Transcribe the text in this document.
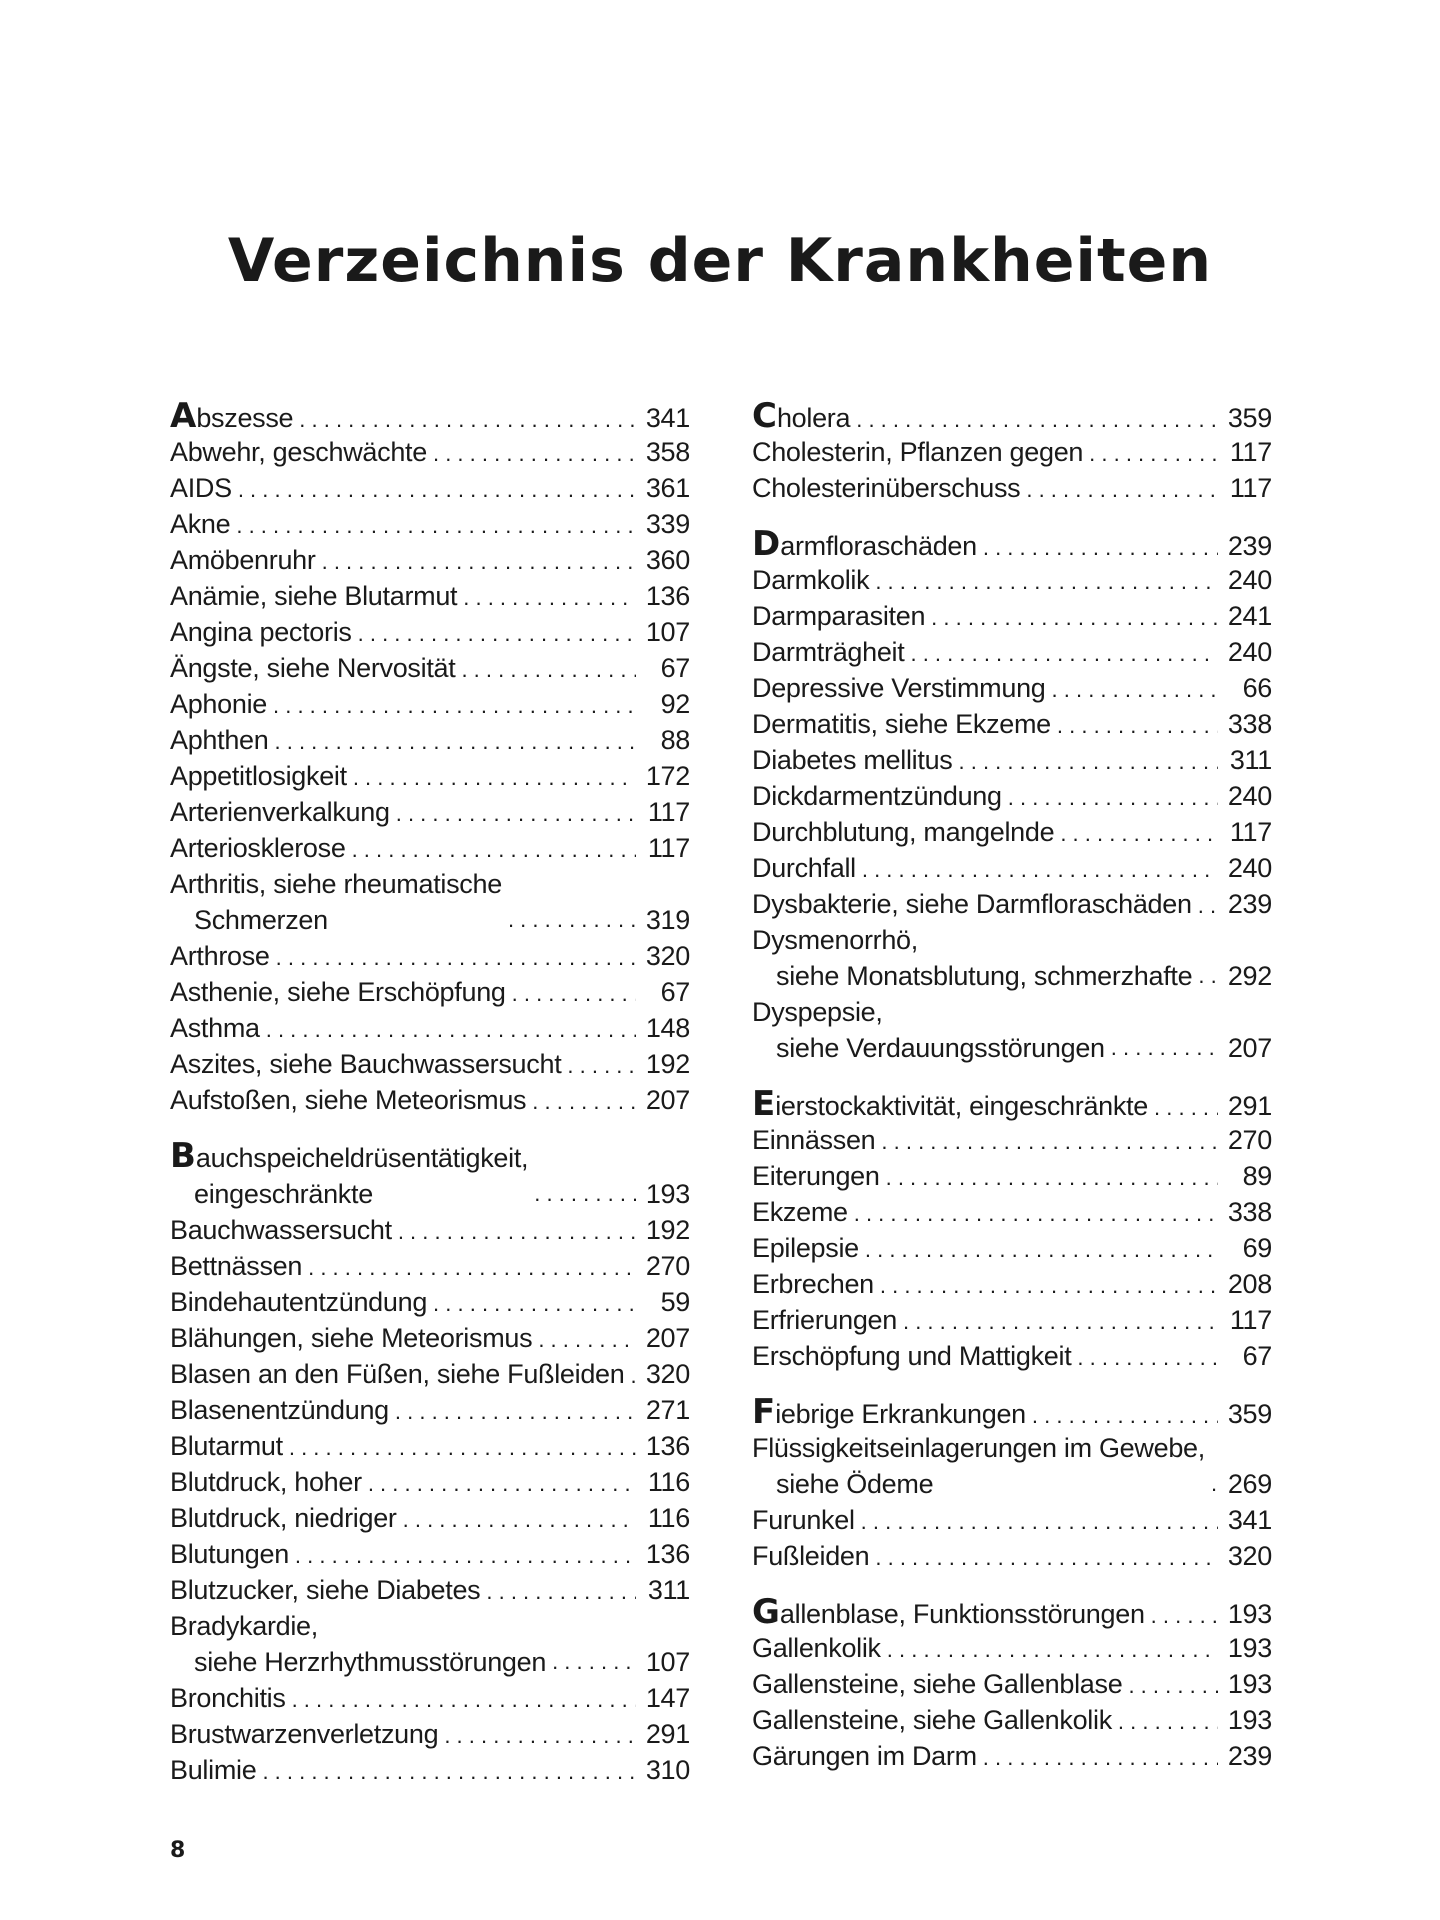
Verzeichnis der Krankheiten
Abszesse . . .	341
Abwehr, geschwächte . . .	358
AIDS . . .	361
Akne . . .	339
Amöbenruhr . . .	360
Anämie, siehe Blutarmut . . .	136
Angina pectoris . . .	107
Ängste, siehe Nervosität . . .	67
Aphonie . . .	92
Aphthen . . .	88
Appetitlosigkeit . . .	172
Arterienverkalkung . . .	117
Arteriosklerose . . .	117
Arthritis, siehe rheumatische
Schmerzen . . .	319
Arthrose . . .	320
Asthenie, siehe Erschöpfung . . .	67
Asthma . . .	148
Aszites, siehe Bauchwassersucht . . .	192
Aufstoßen, siehe Meteorismus . . .	207
Bauchspeicheldrüsentätigkeit,
eingeschränkte . . .	193
Bauchwassersucht . . .	192
Bettnässen . . .	270
Bindehautentzündung . . .	59
Blähungen, siehe Meteorismus . . .	207
Blasen an den Füßen, siehe Fußleiden . . . 320
Blasenentzündung . . .	271
Blutarmut . . .	136
Blutdruck, hoher . . .	116
Blutdruck, niedriger . . .	116
Blutungen . . .	136
Blutzucker, siehe Diabetes . . .	311
Bradykardie,
siehe Herzrhythmusstörungen . . .	107
Bronchitis . . .	147
Brustwarzenverletzung . . .	291
Bulimie . . .	310
Cholera . . .	359
Cholesterin, Pflanzen gegen . . .	117
Cholesterinüberschuss . . .	117
Darmfloraschäden . . .	239
Darmkolik . . .	240
Darmparasiten . . .	241
Darmträgheit . . .	240
Depressive Verstimmung . . .	66
Dermatitis, siehe Ekzeme . . .	338
Diabetes mellitus . . .	311
Dickdarmentzündung . . .	240
Durchblutung, mangelnde . . .	117
Durchfall . . .	240
Dysbakterie, siehe Darmfloraschäden . . . 239
Dysmenorrhö,
siehe Monatsblutung, schmerzhafte . . . 292
Dyspepsie,
siehe Verdauungsstörungen . . .	207
Eierstockaktivität, eingeschränkte . . .	291
Einnässen . . .	270
Eiterungen . . .	89
Ekzeme . . .	338
Epilepsie . . .	69
Erbrechen . . .	208
Erfrierungen . . .	117
Erschöpfung und Mattigkeit . . .	67
Fiebrige Erkrankungen . . .	359
Flüssigkeitseinlagerungen im Gewebe,
siehe Ödeme . . .	269
Furunkel . . .	341
Fußleiden . . .	320
Gallenblase, Funktionsstörungen . . .	193
Gallenkolik . . .	193
Gallensteine, siehe Gallenblase . . .	193
Gallensteine, siehe Gallenkolik . . .	193
Gärungen im Darm . . .	239
8
